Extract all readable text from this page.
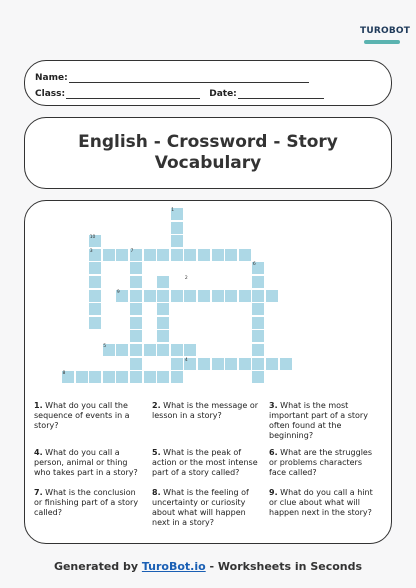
TUROBOT
Name:
Class:	Date:
English - Crossword - Story
Vocabulary
1
10
3	7
6
2
9
5
4
8
1. What do you call the sequence of events in a story?
2. What is the message or lesson in a story?
3. What is the most important part of a story often found at the beginning?
4. What do you call a person, animal or thing who takes part in a story?
5. What is the peak of action or the most intense part of a story called?
6. What are the struggles or problems characters face called?
7. What is the conclusion or finishing part of a story called?
8. What is the feeling of uncertainty or curiosity about what will happen next in a story?
9. What do you call a hint or clue about what will happen next in the story?
Generated by TuroBot.io - Worksheets in Seconds
